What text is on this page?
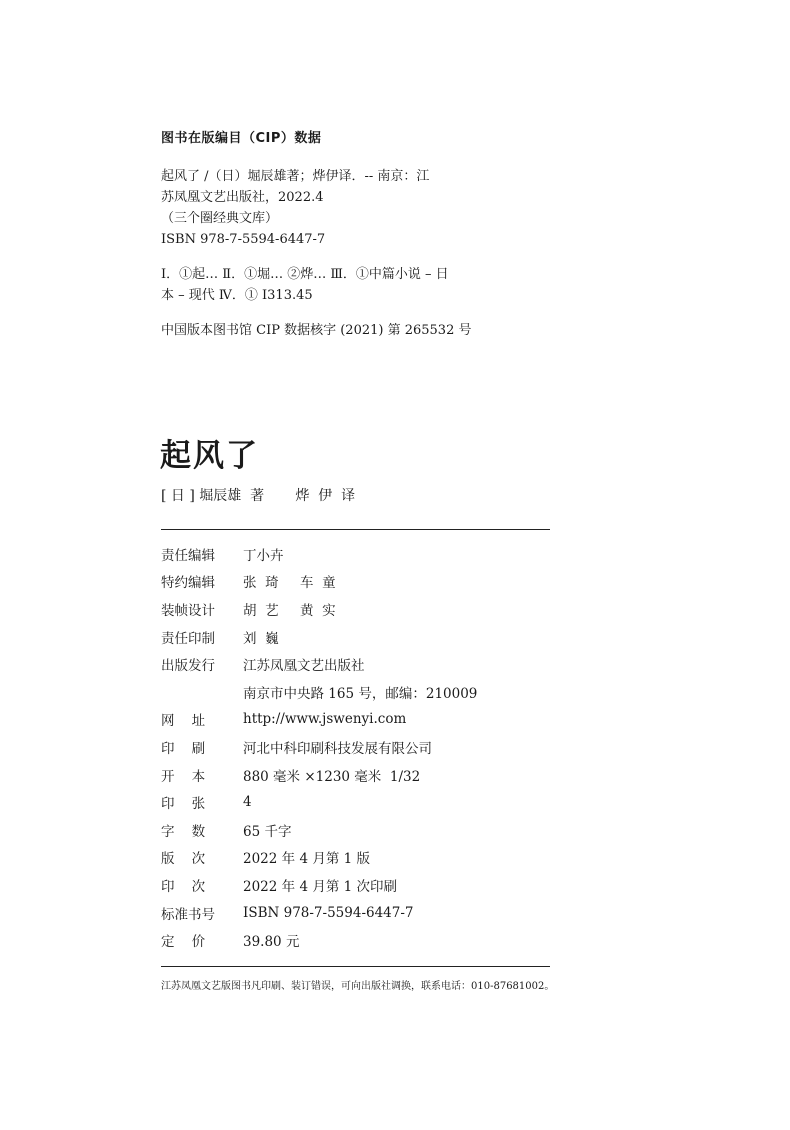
图书在版编目（CIP）数据
起风了 /（日）堀辰雄著；烨伊译．-- 南京：江
苏凤凰文艺出版社，2022.4
（三个圈经典文库）
ISBN 978-7-5594-6447-7
Ⅰ．①起… Ⅱ．①堀… ②烨… Ⅲ．①中篇小说 – 日
本 – 现代 Ⅳ．① I313.45
中国版本图书馆 CIP 数据核字 (2021) 第 265532 号
起风了
[ 日 ] 堀辰雄  著       烨  伊  译
责任编辑	丁小卉
特约编辑	张  琦     车  童
装帧设计	胡  艺     黄  实
责任印制	刘  巍
出版发行	江苏凤凰文艺出版社
南京市中央路 165 号，邮编：210009
网    址	http://www.jswenyi.com
印    刷	河北中科印刷科技发展有限公司
开    本	880 毫米 ×1230 毫米  1/32
印    张	4
字    数	65 千字
版    次	2022 年 4 月第 1 版
印    次	2022 年 4 月第 1 次印刷
标准书号	ISBN 978-7-5594-6447-7
定    价	39.80 元
江苏凤凰文艺版图书凡印刷、装订错误，可向出版社调换，联系电话：010-87681002。
